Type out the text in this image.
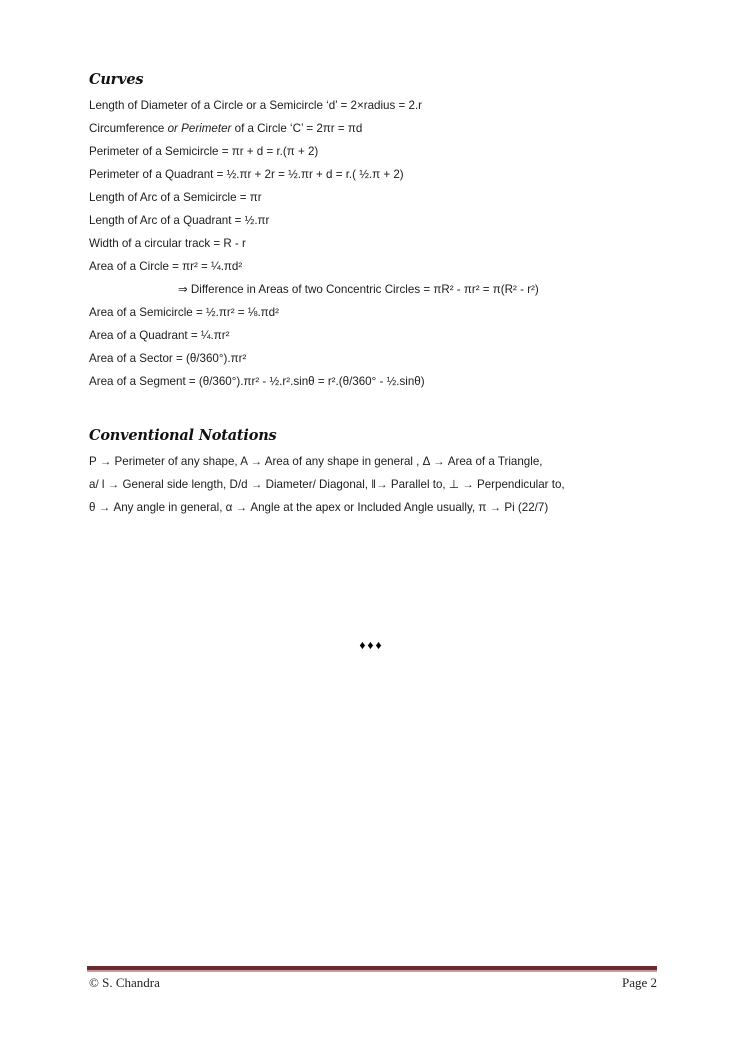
Curves

Length of Diameter of a Circle or a Semicircle ‘d’ = 2×radius = 2.r

Circumference or Perimeter of a Circle ‘C’ = 2πr = πd

Perimeter of a Semicircle = πr + d = r.(π + 2)

Perimeter of a Quadrant = ½.πr + 2r = ½.πr + d = r.( ½.π + 2)

Length of Arc of a Semicircle = πr

Length of Arc of a Quadrant = ½.πr

Width of a circular track = R - r

Area of a Circle = πr² = ¼.πd²

⇒ Difference in Areas of two Concentric Circles = πR² - πr² = π(R² - r²)

Area of a Semicircle = ½.πr² = ⅛.πd²

Area of a Quadrant = ¼.πr²

Area of a Sector = (θ/360°).πr²

Area of a Segment = (θ/360°).πr² - ½.r².sinθ = r².(θ/360° - ½.sinθ)

Conventional Notations

P → Perimeter of any shape, A → Area of any shape in general , Δ → Area of a Triangle,

a/ l → General side length, D/d → Diameter/ Diagonal, ǁ→ Parallel to, ⊥ → Perpendicular to,

θ → Any angle in general, α → Angle at the apex or Included Angle usually, π → Pi (22/7)

♦♦♦
© S. Chandra	Page 2
